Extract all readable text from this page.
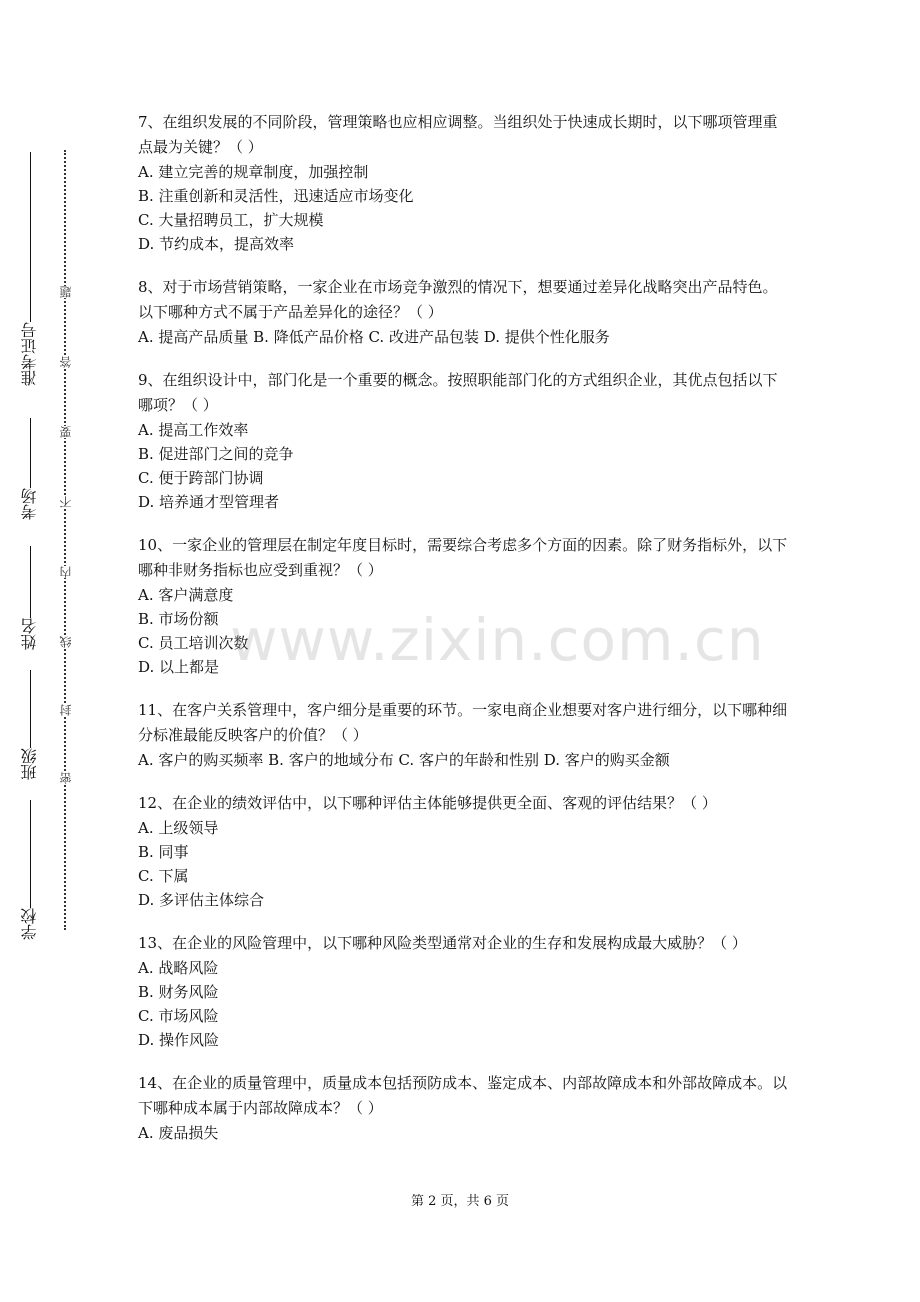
准考证号
考场
姓名
班级
学校
密
封
线
内
不
要
答
题

7、在组织发展的不同阶段，管理策略也应相应调整。当组织处于快速成长期时，以下哪项管理重点最为关键？（ ）

A. 建立完善的规章制度，加强控制

B. 注重创新和灵活性，迅速适应市场变化

C. 大量招聘员工，扩大规模

D. 节约成本，提高效率

8、对于市场营销策略，一家企业在市场竞争激烈的情况下，想要通过差异化战略突出产品特色。以下哪种方式不属于产品差异化的途径？（ ）

A. 提高产品质量 B. 降低产品价格 C. 改进产品包装 D. 提供个性化服务

9、在组织设计中，部门化是一个重要的概念。按照职能部门化的方式组织企业，其优点包括以下哪项？（ ）

A. 提高工作效率

B. 促进部门之间的竞争

C. 便于跨部门协调

D. 培养通才型管理者

10、一家企业的管理层在制定年度目标时，需要综合考虑多个方面的因素。除了财务指标外，以下哪种非财务指标也应受到重视？（ ）

A. 客户满意度

B. 市场份额

C. 员工培训次数

D. 以上都是

11、在客户关系管理中，客户细分是重要的环节。一家电商企业想要对客户进行细分，以下哪种细分标准最能反映客户的价值？（ ）

A. 客户的购买频率 B. 客户的地域分布 C. 客户的年龄和性别 D. 客户的购买金额

12、在企业的绩效评估中，以下哪种评估主体能够提供更全面、客观的评估结果？（ ）

A. 上级领导

B. 同事

C. 下属

D. 多评估主体综合

13、在企业的风险管理中，以下哪种风险类型通常对企业的生存和发展构成最大威胁？（ ）

A. 战略风险

B. 财务风险

C. 市场风险

D. 操作风险

14、在企业的质量管理中，质量成本包括预防成本、鉴定成本、内部故障成本和外部故障成本。以下哪种成本属于内部故障成本？（ ）

A. 废品损失

www.zixin.com.cn
第 2 页，共 6 页
